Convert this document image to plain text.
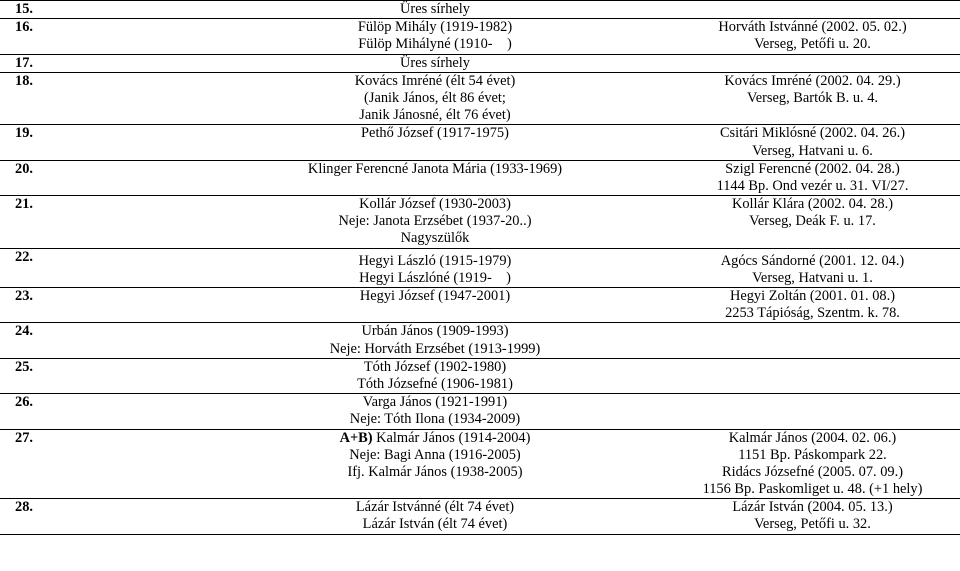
15.	Üres sírhely	

16.	Fülöp Mihály (1919-1982)
Fülöp Mihályné (1910-    )	Horváth Istvánné (2002. 05. 02.)
Verseg, Petőfi u. 20.

17.	Üres sírhely	

18.	Kovács Imréné (élt 54 évet)
(Janik János, élt 86 évet;
Janik Jánosné, élt 76 évet)	Kovács Imréné (2002. 04. 29.)
Verseg, Bartók B. u. 4.

19.	Pethő József (1917-1975)	Csitári Miklósné (2002. 04. 26.)
Verseg, Hatvani u. 6.

20.	Klinger Ferencné Janota Mária (1933-1969)	Szigl Ferencné (2002. 04. 28.)
1144 Bp. Ond vezér u. 31. VI/27.

21.	Kollár József (1930-2003)
Neje: Janota Erzsébet (1937-20..)
Nagyszülők	Kollár Klára (2002. 04. 28.)
Verseg, Deák F. u. 17.

22.	Hegyi László (1915-1979)
Hegyi Lászlóné (1919-    )	Agócs Sándorné (2001. 12. 04.)
Verseg, Hatvani u. 1.

23.	Hegyi József (1947-2001)	Hegyi Zoltán (2001. 01. 08.)
2253 Tápióság, Szentm. k. 78.

24.	Urbán János (1909-1993)
Neje: Horváth Erzsébet (1913-1999)	

25.	Tóth József (1902-1980)
Tóth Józsefné (1906-1981)	

26.	Varga János (1921-1991)
Neje: Tóth Ilona (1934-2009)	

27.	A+B) Kalmár János (1914-2004)
Neje: Bagi Anna (1916-2005)
Ifj. Kalmár János (1938-2005)	Kalmár János (2004. 02. 06.)
1151 Bp. Páskompark 22.
Ridács Józsefné (2005. 07. 09.)
1156 Bp. Paskomliget u. 48. (+1 hely)

28.	Lázár Istvánné (élt 74 évet)
Lázár István (élt 74 évet)	Lázár István (2004. 05. 13.)
Verseg, Petőfi u. 32.
